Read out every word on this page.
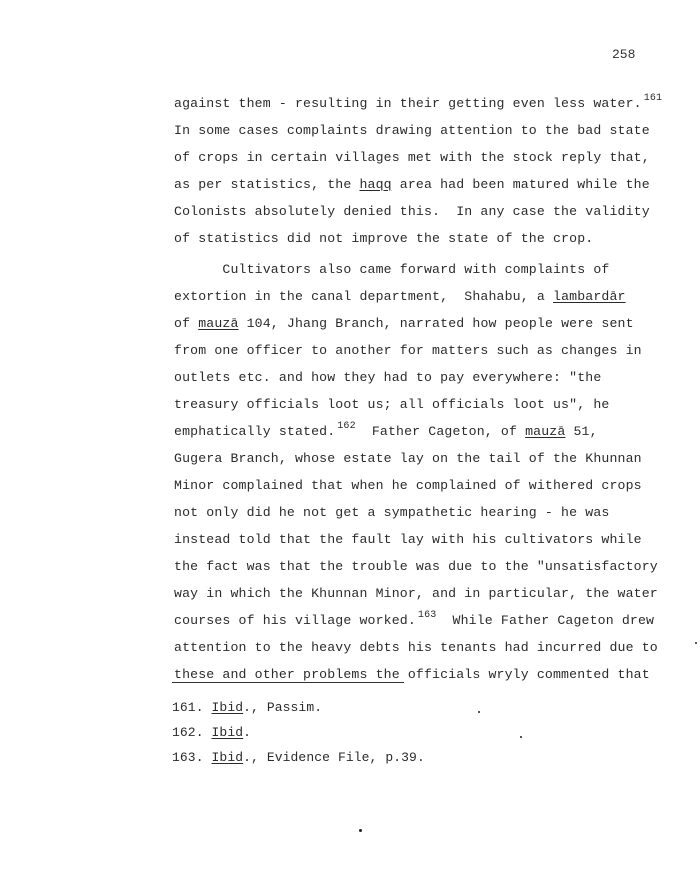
258
against them - resulting in their getting even less water. $^{161}$
In some cases complaints drawing attention to the bad state
of crops in certain villages met with the stock reply that,
as per statistics, the haqq area had been matured while the
Colonists absolutely denied this.  In any case the validity
of statistics did not improve the state of the crop.
Cultivators also came forward with complaints of
extortion in the canal department,  Shahabu, a lambardār
of mauzā 104, Jhang Branch, narrated how people were sent
from one officer to another for matters such as changes in
outlets etc. and how they had to pay everywhere: "the
treasury officials loot us; all officials loot us", he
emphatically stated. $^{162}$  Father Cageton, of mauzā 51,
Gugera Branch, whose estate lay on the tail of the Khunnan
Minor complained that when he complained of withered crops
not only did he not get a sympathetic hearing - he was
instead told that the fault lay with his cultivators while
the fact was that the trouble was due to the "unsatisfactory
way in which the Khunnan Minor, and in particular, the water
courses of his village worked. $^{163}$  While Father Cageton drew
attention to the heavy debts his tenants had incurred due to
these and other problems the officials wryly commented that
161. Ibid., Passim.
162. Ibid.
163. Ibid., Evidence File, p.39.
